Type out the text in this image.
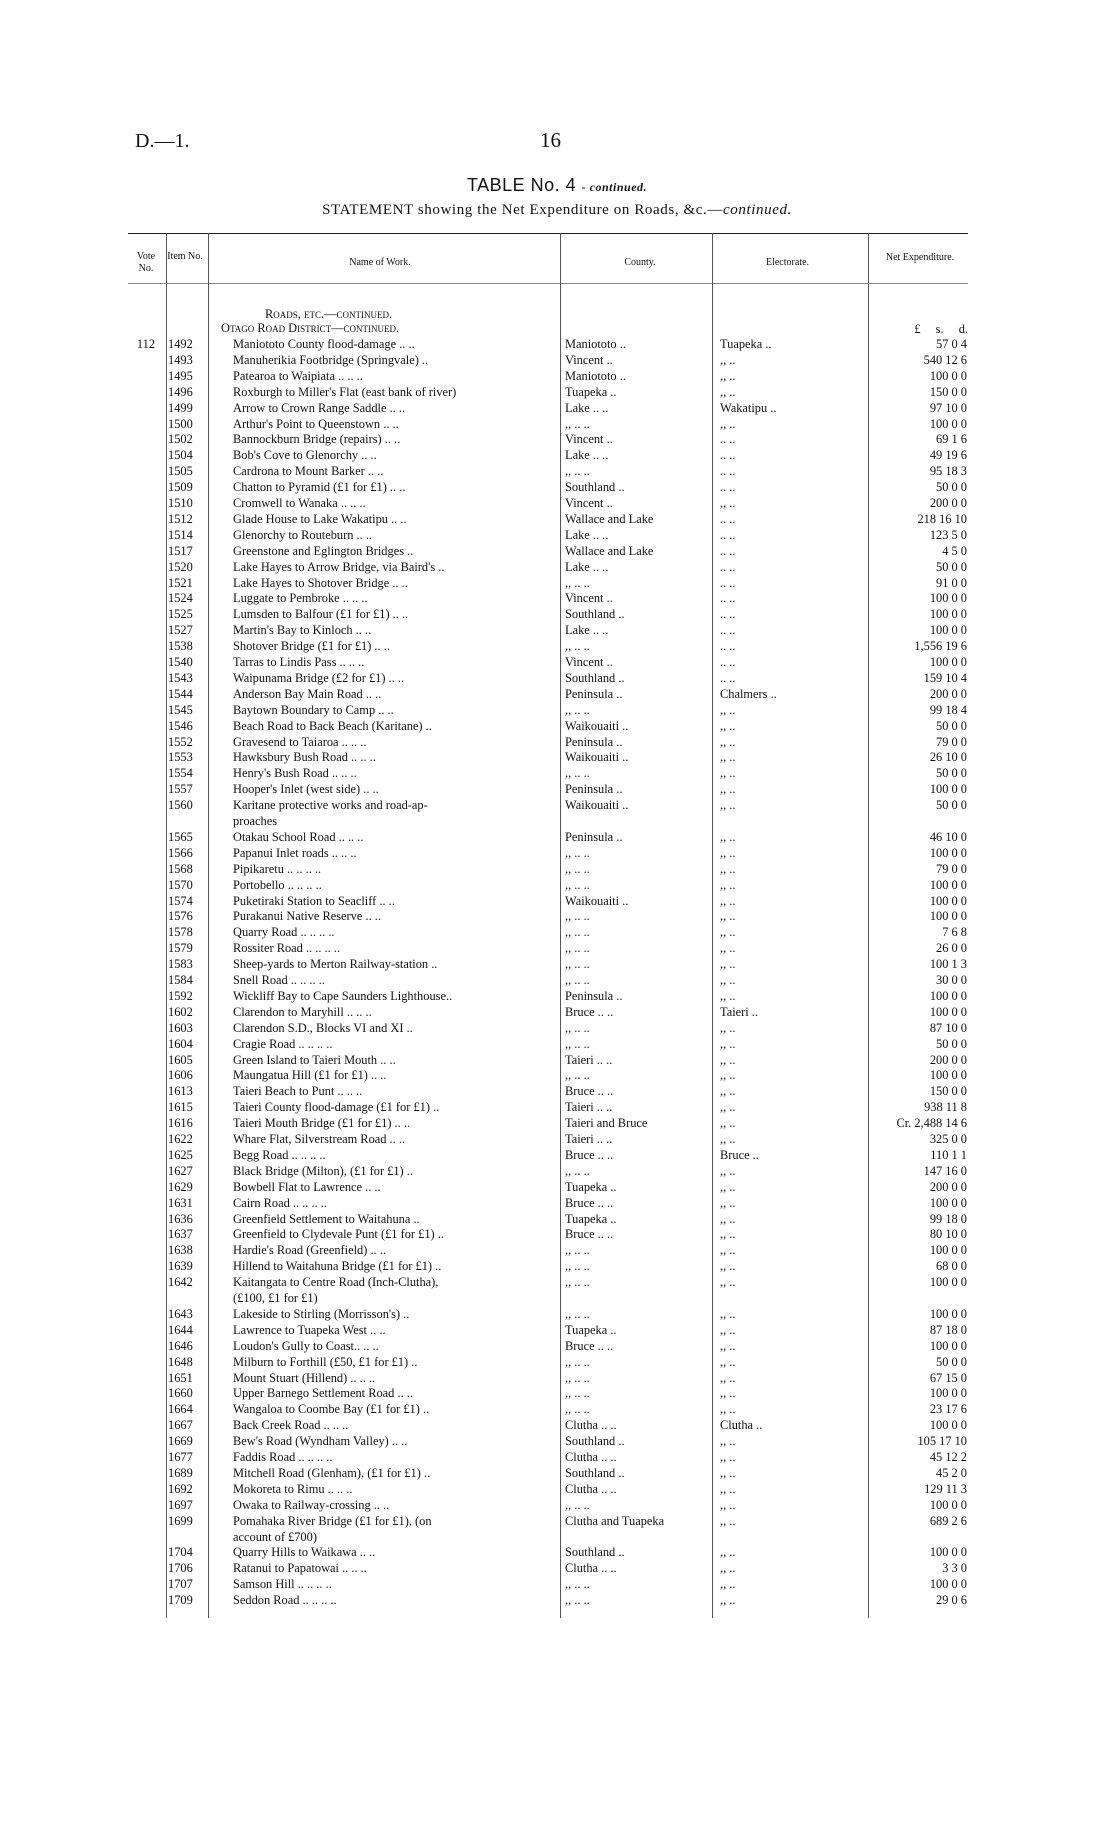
D.—1.	16
TABLE No. 4 - continued.
STATEMENT showing the Net Expenditure on Roads, &c.—continued.
Vote No.
Item No.
Name of Work.	County.	Electorate.	Net Expenditure.
Roads, etc.—continued.
Otago Road District—continued.	£ s. d.
112	1492	Maniototo County flood-damage .. ..	Maniototo ..	Tuapeka ..	57 0 4
1493	Manuherikia Footbridge (Springvale) ..	Vincent ..	,, ..	540 12 6
1495	Patearoa to Waipiata .. .. ..	Maniototo ..	,, ..	100 0 0
1496	Roxburgh to Miller's Flat (east bank of river)	Tuapeka ..	,, ..	150 0 0
1499	Arrow to Crown Range Saddle .. ..	Lake .. ..	Wakatipu ..	97 10 0
1500	Arthur's Point to Queenstown .. ..	,, .. ..	,, ..	100 0 0
1502	Bannockburn Bridge (repairs) .. ..	Vincent ..	.. ..	69 1 6
1504	Bob's Cove to Glenorchy .. ..	Lake .. ..	.. ..	49 19 6
1505	Cardrona to Mount Barker .. ..	,, .. ..	.. ..	95 18 3
1509	Chatton to Pyramid (£1 for £1) .. ..	Southland ..	.. ..	50 0 0
1510	Cromwell to Wanaka .. .. ..	Vincent ..	,, ..	200 0 0
1512	Glade House to Lake Wakatipu .. ..	Wallace and Lake	.. ..	218 16 10
1514	Glenorchy to Routeburn .. ..	Lake .. ..	.. ..	123 5 0
1517	Greenstone and Eglington Bridges ..	Wallace and Lake	.. ..	4 5 0
1520	Lake Hayes to Arrow Bridge, via Baird's ..	Lake .. ..	.. ..	50 0 0
1521	Lake Hayes to Shotover Bridge .. ..	,, .. ..	.. ..	91 0 0
1524	Luggate to Pembroke .. .. ..	Vincent ..	.. ..	100 0 0
1525	Lumsden to Balfour (£1 for £1) .. ..	Southland ..	.. ..	100 0 0
1527	Martin's Bay to Kinloch .. ..	Lake .. ..	.. ..	100 0 0
1538	Shotover Bridge (£1 for £1) .. ..	,, .. ..	.. ..	1,556 19 6
1540	Tarras to Lindis Pass .. .. ..	Vincent ..	.. ..	100 0 0
1543	Waipunama Bridge (£2 for £1) .. ..	Southland ..	.. ..	159 10 4
1544	Anderson Bay Main Road .. ..	Peninsula ..	Chalmers ..	200 0 0
1545	Baytown Boundary to Camp .. ..	,, .. ..	,, ..	99 18 4
1546	Beach Road to Back Beach (Karitane) ..	Waikouaiti ..	,, ..	50 0 0
1552	Gravesend to Taiaroa .. .. ..	Peninsula ..	,, ..	79 0 0
1553	Hawksbury Bush Road .. .. ..	Waikouaiti ..	,, ..	26 10 0
1554	Henry's Bush Road .. .. ..	,, .. ..	,, ..	50 0 0
1557	Hooper's Inlet (west side) .. ..	Peninsula ..	,, ..	100 0 0
1560	Karitane protective works and road-ap-	Waikouaiti ..	,, ..	50 0 0
proaches
1565	Otakau School Road .. .. ..	Peninsula ..	,, ..	46 10 0
1566	Papanui Inlet roads .. .. ..	,, .. ..	,, ..	100 0 0
1568	Pipikaretu .. .. .. ..	,, .. ..	,, ..	79 0 0
1570	Portobello .. .. .. ..	,, .. ..	,, ..	100 0 0
1574	Puketiraki Station to Seacliff .. ..	Waikouaiti ..	,, ..	100 0 0
1576	Purakanui Native Reserve .. ..	,, .. ..	,, ..	100 0 0
1578	Quarry Road .. .. .. ..	,, .. ..	,, ..	7 6 8
1579	Rossiter Road .. .. .. ..	,, .. ..	,, ..	26 0 0
1583	Sheep-yards to Merton Railway-station ..	,, .. ..	,, ..	100 1 3
1584	Snell Road .. .. .. ..	,, .. ..	,, ..	30 0 0
1592	Wickliff Bay to Cape Saunders Lighthouse..	Peninsula ..	,, ..	100 0 0
1602	Clarendon to Maryhill .. .. ..	Bruce .. ..	Taieri ..	100 0 0
1603	Clarendon S.D., Blocks VI and XI ..	,, .. ..	,, ..	87 10 0
1604	Cragie Road .. .. .. ..	,, .. ..	,, ..	50 0 0
1605	Green Island to Taieri Mouth .. ..	Taieri .. ..	,, ..	200 0 0
1606	Maungatua Hill (£1 for £1) .. ..	,, .. ..	,, ..	100 0 0
1613	Taieri Beach to Punt .. .. ..	Bruce .. ..	,, ..	150 0 0
1615	Taieri County flood-damage (£1 for £1) ..	Taieri .. ..	,, ..	938 11 8
1616	Taieri Mouth Bridge (£1 for £1) .. ..	Taieri and Bruce	,, ..	Cr. 2,488 14 6
1622	Whare Flat, Silverstream Road .. ..	Taieri .. ..	,, ..	325 0 0
1625	Begg Road .. .. .. ..	Bruce .. ..	Bruce ..	110 1 1
1627	Black Bridge (Milton), (£1 for £1) ..	,, .. ..	,, ..	147 16 0
1629	Bowbell Flat to Lawrence .. ..	Tuapeka ..	,, ..	200 0 0
1631	Cairn Road .. .. .. ..	Bruce .. ..	,, ..	100 0 0
1636	Greenfield Settlement to Waitahuna ..	Tuapeka ..	,, ..	99 18 0
1637	Greenfield to Clydevale Punt (£1 for £1) ..	Bruce .. ..	,, ..	80 10 0
1638	Hardie's Road (Greenfield) .. ..	,, .. ..	,, ..	100 0 0
1639	Hillend to Waitahuna Bridge (£1 for £1) ..	,, .. ..	,, ..	68 0 0
1642	Kaitangata to Centre Road (Inch-Clutha),	,, .. ..	,, ..	100 0 0
(£100, £1 for £1)
1643	Lakeside to Stirling (Morrisson's) ..	,, .. ..	,, ..	100 0 0
1644	Lawrence to Tuapeka West .. ..	Tuapeka ..	,, ..	87 18 0
1646	Loudon's Gully to Coast.. .. ..	Bruce .. ..	,, ..	100 0 0
1648	Milburn to Forthill (£50, £1 for £1) ..	,, .. ..	,, ..	50 0 0
1651	Mount Stuart (Hillend) .. .. ..	,, .. ..	,, ..	67 15 0
1660	Upper Barnego Settlement Road .. ..	,, .. ..	,, ..	100 0 0
1664	Wangaloa to Coombe Bay (£1 for £1) ..	,, .. ..	,, ..	23 17 6
1667	Back Creek Road .. .. ..	Clutha .. ..	Clutha ..	100 0 0
1669	Bew's Road (Wyndham Valley) .. ..	Southland ..	,, ..	105 17 10
1677	Faddis Road .. .. .. ..	Clutha .. ..	,, ..	45 12 2
1689	Mitchell Road (Glenham), (£1 for £1) ..	Southland ..	,, ..	45 2 0
1692	Mokoreta to Rimu .. .. ..	Clutha .. ..	,, ..	129 11 3
1697	Owaka to Railway-crossing .. ..	,, .. ..	,, ..	100 0 0
1699	Pomahaka River Bridge (£1 for £1), (on	Clutha and Tuapeka	,, ..	689 2 6
account of £700)
1704	Quarry Hills to Waikawa .. ..	Southland ..	,, ..	100 0 0
1706	Ratanui to Papatowai .. .. ..	Clutha .. ..	,, ..	3 3 0
1707	Samson Hill .. .. .. ..	,, .. ..	,, ..	100 0 0
1709	Seddon Road .. .. .. ..	,, .. ..	,, ..	29 0 6
